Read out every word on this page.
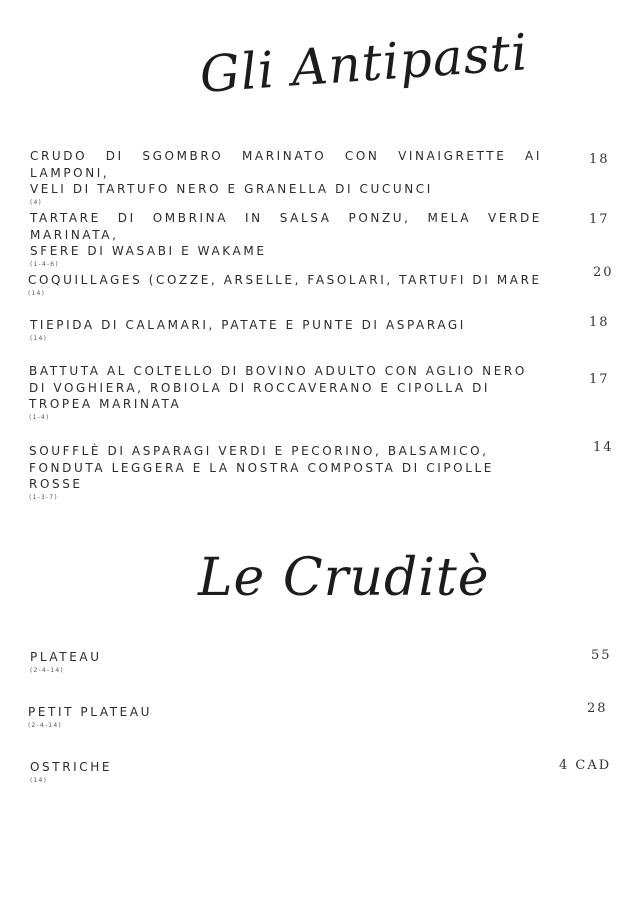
Gli Antipasti
CRUDO DI SGOMBRO MARINATO CON VINAIGRETTE AI LAMPONI,
VELI DI TARTUFO NERO E GRANELLA DI CUCUNCI
(4)
18
TARTARE DI OMBRINA IN SALSA PONZU, MELA VERDE MARINATA,
SFERE DI WASABI E WAKAME
(1-4-6)
17
COQUILLAGES (COZZE, ARSELLE, FASOLARI, TARTUFI DI MARE
(14)
20
TIEPIDA DI CALAMARI, PATATE E PUNTE DI ASPARAGI
(14)
18
BATTUTA AL COLTELLO DI BOVINO ADULTO CON AGLIO NERO
DI VOGHIERA, ROBIOLA DI ROCCAVERANO E CIPOLLA DI
TROPEA MARINATA
(1-4)
17
SOUFFLÈ DI ASPARAGI VERDI E PECORINO, BALSAMICO,
FONDUTA LEGGERA E LA NOSTRA COMPOSTA DI CIPOLLE
ROSSE
(1-3-7)
14
Le Cruditè
PLATEAU
(2-4-14)
55
PETIT PLATEAU
(2-4-14)
28
OSTRICHE
(14)
4 CAD
